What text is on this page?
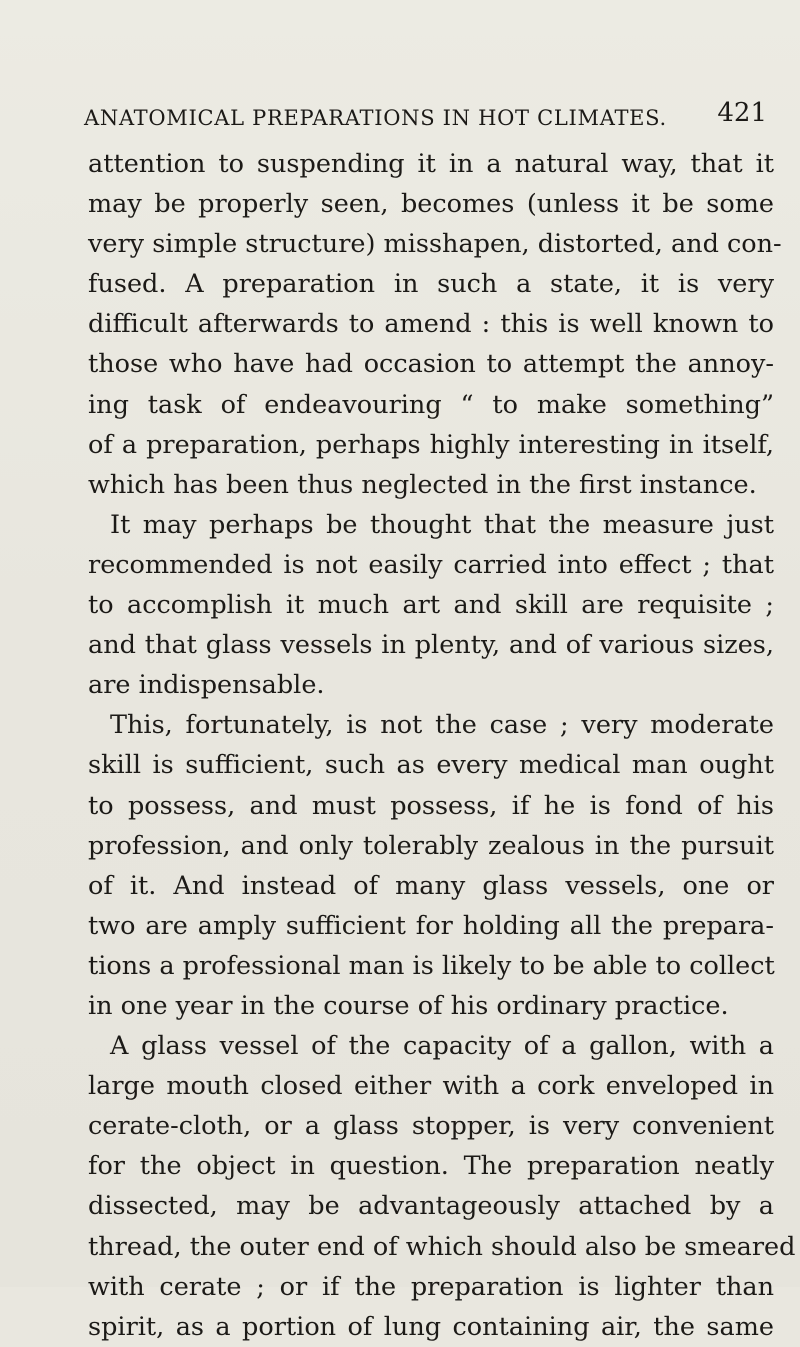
ANATOMICAL PREPARATIONS IN HOT CLIMATES. 421
attention to suspending it in a natural way, that it
may be properly seen, becomes (unless it be some
very simple structure) misshapen, distorted, and con-
fused. A preparation in such a state, it is very
difficult afterwards to amend : this is well known to
those who have had occasion to attempt the annoy-
ing task of endeavouring “ to make something”
of a preparation, perhaps highly interesting in itself,
which has been thus neglected in the first instance.
It may perhaps be thought that the measure just
recommended is not easily carried into effect ; that
to accomplish it much art and skill are requisite ;
and that glass vessels in plenty, and of various sizes,
are indispensable.
This, fortunately, is not the case ; very moderate
skill is sufficient, such as every medical man ought
to possess, and must possess, if he is fond of his
profession, and only tolerably zealous in the pursuit
of it. And instead of many glass vessels, one or
two are amply sufficient for holding all the prepara-
tions a professional man is likely to be able to collect
in one year in the course of his ordinary practice.
A glass vessel of the capacity of a gallon, with a
large mouth closed either with a cork enveloped in
cerate-cloth, or a glass stopper, is very convenient
for the object in question. The preparation neatly
dissected, may be advantageously attached by a
thread, the outer end of which should also be smeared
with cerate ; or if the preparation is lighter than
spirit, as a portion of lung containing air, the same
